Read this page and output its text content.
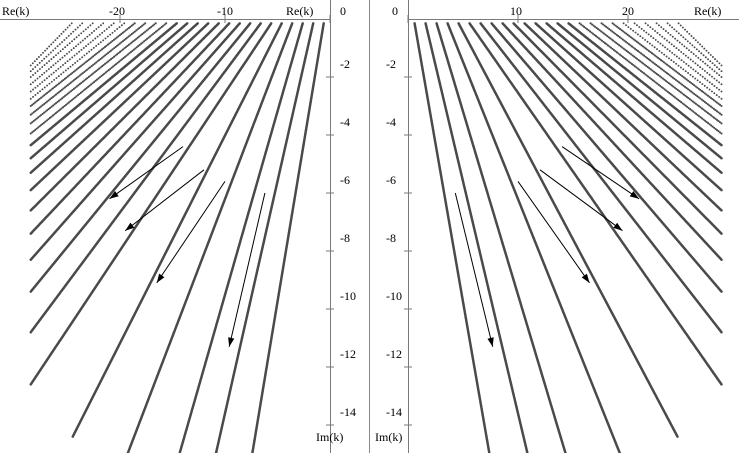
Re(k)	Re(k)
Im(k)
-20	-10	0
-2
-4
-6
-8
-10
-12
-14
Re(k)
Im(k)
0	10	20
-2
-4
-6
-8
-10
-12
-14
